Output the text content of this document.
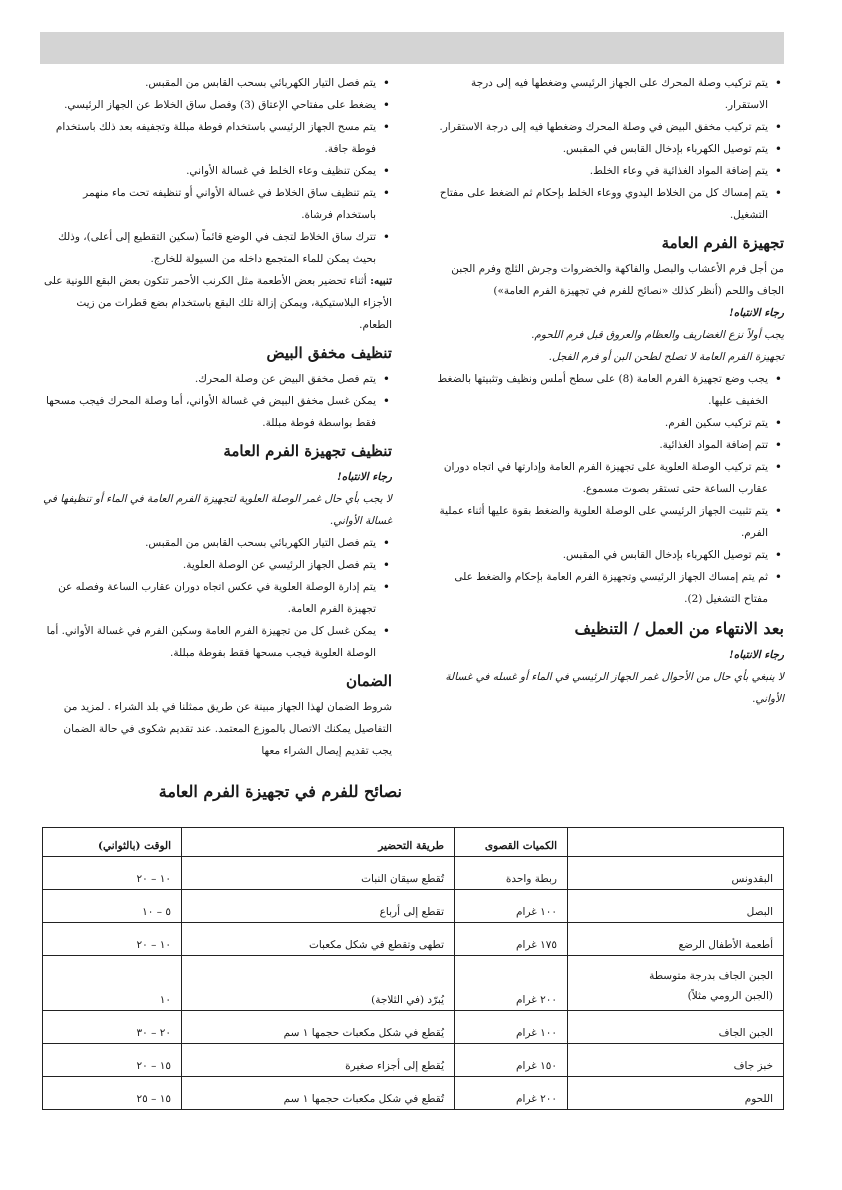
• يتم تركيب وصلة المحرك على الجهاز الرئيسي وضغطها فيه إلى درجة الاستقرار.
• يتم تركيب مخفق البيض في وصلة المحرك وضغطها فيه إلى درجة الاستقرار.
• يتم توصيل الكهرباء بإدخال القابس في المقبس.
• يتم إضافة المواد الغذائية في وعاء الخلط.
• يتم إمساك كل من الخلاط اليدوي ووعاء الخلط بإحكام ثم الضغط على مفتاح التشغيل.
تجهيزة الفرم العامة

من أجل فرم الأعشاب والبصل والفاكهة والخضروات وجرش الثلج وفرم الجبن الجاف واللحم (أنظر كذلك «نصائح للفرم في تجهيزة الفرم العامة»)

رجاء الانتباه!

يجب أولاً نزع الغضاريف والعظام والعروق قبل فرم اللحوم.

تجهيزة الفرم العامة لا تصلح لطحن البن أو فرم الفجل.

• يجب وضع تجهيزة الفرم العامة (8) على سطح أملس ونظيف وتثبيتها بالضغط الخفيف عليها.
• يتم تركيب سكين الفرم.
• تتم إضافة المواد الغذائية.
• يتم تركيب الوصلة العلوية على تجهيزة الفرم العامة وإدارتها في اتجاه دوران عقارب الساعة حتى تستقر بصوت مسموع.
• يتم تثبيت الجهاز الرئيسي على الوصلة العلوية والضغط بقوة عليها أثناء عملية الفرم.
• يتم توصيل الكهرباء بإدخال القابس في المقبس.
• ثم يتم إمساك الجهاز الرئيسي وتجهيزة الفرم العامة بإحكام والضغط على مفتاح التشغيل (2).
بعد الانتهاء من العمل / التنظيف

رجاء الانتباه!

لا ينبغي بأي حال من الأحوال غمر الجهاز الرئيسي في الماء أو غسله في غسالة الأواني.

• يتم فصل التيار الكهربائي بسحب القابس من المقبس.
• يضغط على مفتاحي الإعتاق (3) وفصل ساق الخلاط عن الجهاز الرئيسي.
• يتم مسح الجهاز الرئيسي باستخدام فوطة مبللة وتجفيفه بعد ذلك باستخدام فوطة جافة.
• يمكن تنظيف وعاء الخلط في غسالة الأواني.
• يتم تنظيف ساق الخلاط في غسالة الأواني أو تنظيفه تحت ماء منهمر باستخدام فرشاة.
• تترك ساق الخلاط لتجف في الوضع قائماً (سكين التقطيع إلى أعلى)، وذلك بحيث يمكن للماء المتجمع داخله من السيولة للخارج.

تنبيه: أثناء تحضير بعض الأطعمة مثل الكرنب الأحمر تتكون بعض البقع اللونية على الأجزاء البلاستيكية، ويمكن إزالة تلك البقع باستخدام بضع قطرات من زيت الطعام.

تنظيف مخفق البيض
• يتم فصل مخفق البيض عن وصلة المحرك.
• يمكن غسل مخفق البيض في غسالة الأواني، أما وصلة المحرك فيجب مسحها فقط بواسطة فوطة مبللة.
تنظيف تجهيزة الفرم العامة

رجاء الانتباه!

لا يجب بأي حال غمر الوصلة العلوية لتجهيزة الفرم العامة في الماء أو تنظيفها في غسالة الأواني.

• يتم فصل التيار الكهربائي بسحب القابس من المقبس.
• يتم فصل الجهاز الرئيسي عن الوصلة العلوية.
• يتم إدارة الوصلة العلوية في عكس اتجاه دوران عقارب الساعة وفصله عن تجهيزة الفرم العامة.
• يمكن غسل كل من تجهيزة الفرم العامة وسكين الفرم في غسالة الأواني. أما الوصلة العلوية فيجب مسحها فقط بفوطة مبللة.
الضمان

شروط الضمان لهذا الجهاز مبينة عن طريق ممثلنا في بلد الشراء . لمزيد من التفاصيل يمكنك الاتصال بالموزع المعتمد. عند تقديم شكوى في حالة الضمان يجب تقديم إيصال الشراء معها

نصائح للفرم في تجهيزة الفرم العامة
	الكميات القصوى	طريقة التحضير	الوقت (بالثواني)
البقدونس	ربطة واحدة	تُقطع سيقان النبات	١٠ – ٢٠
البصل	١٠٠ غرام	تقطع إلى أرباع	٥ – ١٠
أطعمة الأطفال الرضع	١٧٥ غرام	تطهى وتقطع في شكل مكعبات	١٠ – ٢٠
الجبن الجاف بدرجة متوسطة
(الجبن الرومي مثلاً)	٢٠٠ غرام	يُبرّد (في الثلاجة)	١٠
الجبن الجاف	١٠٠ غرام	يُقطع في شكل مكعبات حجمها ١ سم	٢٠ – ٣٠
خبز جاف	١٥٠ غرام	يُقطع إلى أجزاء صغيرة	١٥ – ٢٠
اللحوم	٢٠٠ غرام	تُقطع في شكل مكعبات حجمها ١ سم	١٥ – ٢٥
